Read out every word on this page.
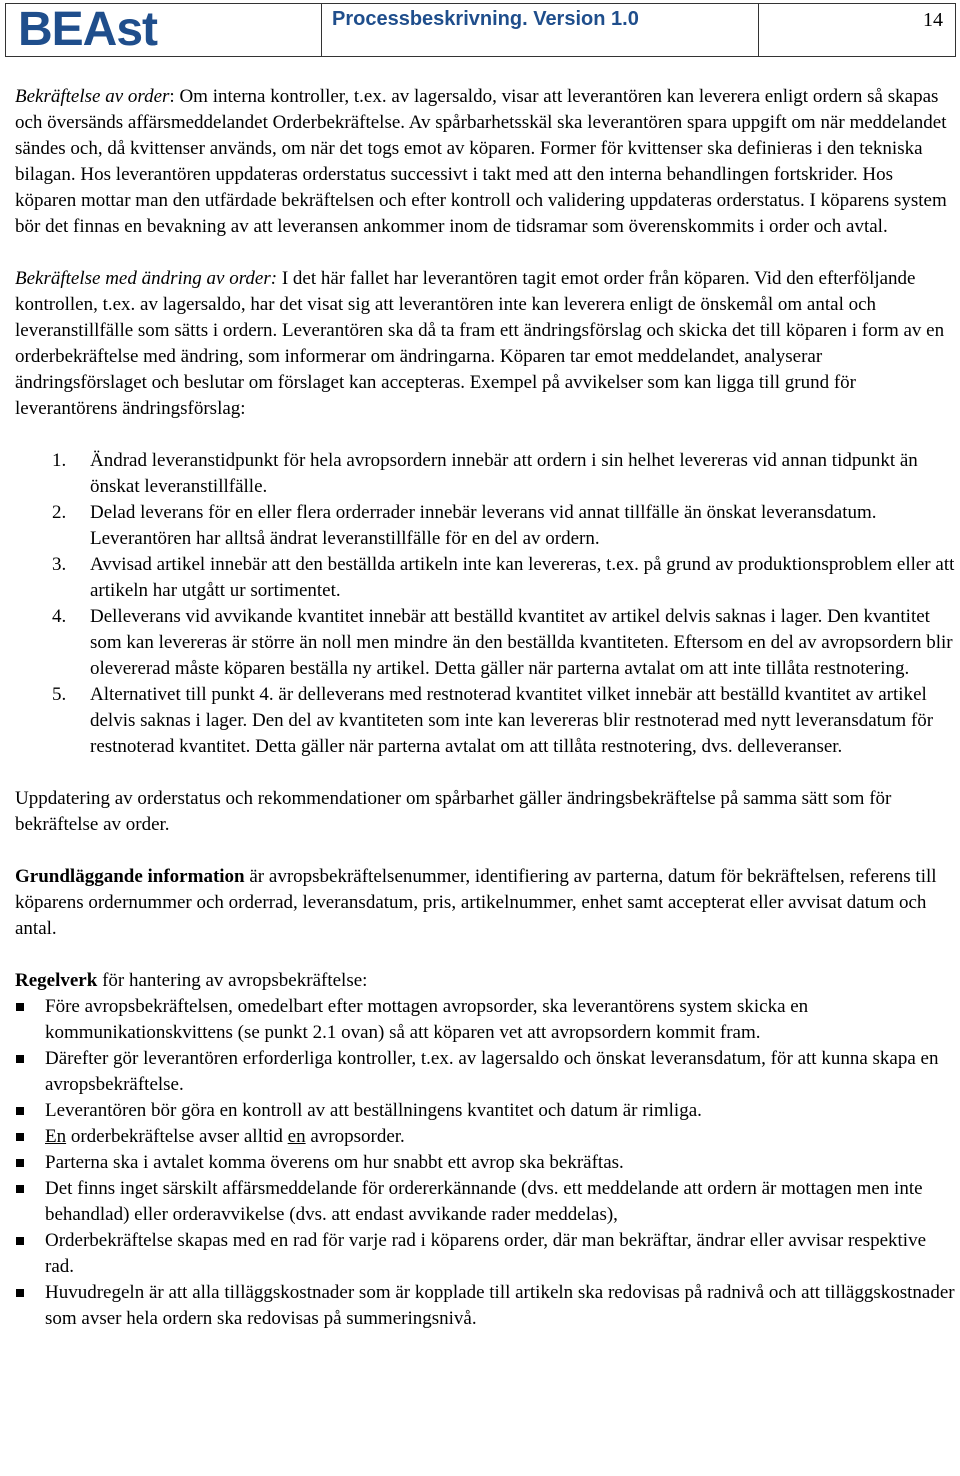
BEAst	Processbeskrivning. Version 1.0	14

Bekräftelse av order: Om interna kontroller, t.ex. av lagersaldo, visar att leverantören kan leverera enligt ordern så skapas och översänds affärsmeddelandet Orderbekräftelse. Av spårbarhetsskäl ska leverantören spara uppgift om när meddelandet sändes och, då kvittenser används, om när det togs emot av köparen. Former för kvittenser ska definieras i den tekniska bilagan. Hos leverantören uppdateras orderstatus successivt i takt med att den interna behandlingen fortskrider. Hos köparen mottar man den utfärdade bekräftelsen och efter kontroll och validering uppdateras orderstatus. I köparens system bör det finnas en bevakning av att leveransen ankommer inom de tidsramar som överenskommits i order och avtal.

Bekräftelse med ändring av order: I det här fallet har leverantören tagit emot order från köparen. Vid den efterföljande kontrollen, t.ex. av lagersaldo, har det visat sig att leverantören inte kan leverera enligt de önskemål om antal och leveranstillfälle som sätts i ordern. Leverantören ska då ta fram ett ändringsförslag och skicka det till köparen i form av en orderbekräftelse med ändring, som informerar om ändringarna. Köparen tar emot meddelandet, analyserar ändringsförslaget och beslutar om förslaget kan accepteras. Exempel på avvikelser som kan ligga till grund för leverantörens ändringsförslag:

1. Ändrad leveranstidpunkt för hela avropsordern innebär att ordern i sin helhet levereras vid annan tidpunkt än önskat leveranstillfälle.
2. Delad leverans för en eller flera orderrader innebär leverans vid annat tillfälle än önskat leveransdatum. Leverantören har alltså ändrat leveranstillfälle för en del av ordern.
3. Avvisad artikel innebär att den beställda artikeln inte kan levereras, t.ex. på grund av produktionsproblem eller att artikeln har utgått ur sortimentet.
4. Delleverans vid avvikande kvantitet innebär att beställd kvantitet av artikel delvis saknas i lager. Den kvantitet som kan levereras är större än noll men mindre än den beställda kvantiteten. Eftersom en del av avropsordern blir olevererad måste köparen beställa ny artikel. Detta gäller när parterna avtalat om att inte tillåta restnotering.
5. Alternativet till punkt 4. är delleverans med restnoterad kvantitet vilket innebär att beställd kvantitet av artikel delvis saknas i lager. Den del av kvantiteten som inte kan levereras blir restnoterad med nytt leveransdatum för restnoterad kvantitet. Detta gäller när parterna avtalat om att tillåta restnotering, dvs. delleveranser.

Uppdatering av orderstatus och rekommendationer om spårbarhet gäller ändringsbekräftelse på samma sätt som för bekräftelse av order.

Grundläggande information är avropsbekräftelsenummer, identifiering av parterna, datum för bekräftelsen, referens till köparens ordernummer och orderrad, leveransdatum, pris, artikelnummer, enhet samt accepterat eller avvisat datum och antal.

Regelverk för hantering av avropsbekräftelse:

Före avropsbekräftelsen, omedelbart efter mottagen avropsorder, ska leverantörens system skicka en kommunikationskvittens (se punkt 2.1 ovan) så att köparen vet att avropsordern kommit fram.
Därefter gör leverantören erforderliga kontroller, t.ex. av lagersaldo och önskat leveransdatum, för att kunna skapa en avropsbekräftelse.
Leverantören bör göra en kontroll av att beställningens kvantitet och datum är rimliga.
En orderbekräftelse avser alltid en avropsorder.
Parterna ska i avtalet komma överens om hur snabbt ett avrop ska bekräftas.
Det finns inget särskilt affärsmeddelande för ordererkännande (dvs. ett meddelande att ordern är mottagen men inte behandlad) eller orderavvikelse (dvs. att endast avvikande rader meddelas),
Orderbekräftelse skapas med en rad för varje rad i köparens order, där man bekräftar, ändrar eller avvisar respektive rad.
Huvudregeln är att alla tilläggskostnader som är kopplade till artikeln ska redovisas på radnivå och att tilläggskostnader som avser hela ordern ska redovisas på summeringsnivå.
